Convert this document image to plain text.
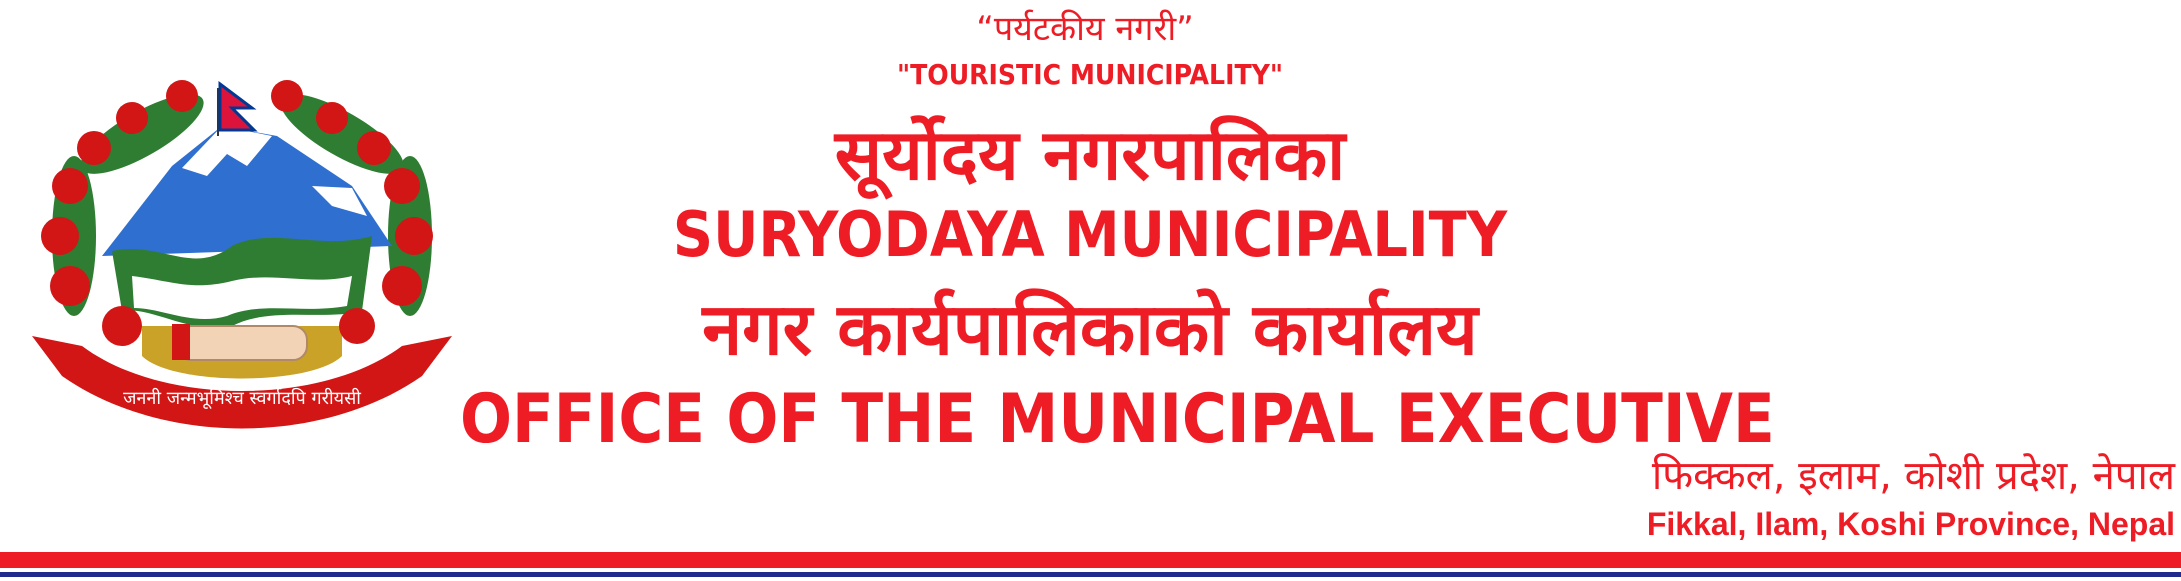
जननी जन्मभूमिश्च स्वर्गादपि गरीयसी
“पर्यटकीय नगरी”
"TOURISTIC MUNICIPALITY"
सूर्योदय नगरपालिका
SURYODAYA MUNICIPALITY
नगर कार्यपालिकाको कार्यालय
OFFICE OF THE MUNICIPAL EXECUTIVE
फिक्कल, इलाम, कोशी प्रदेश, नेपाल
Fikkal, Ilam, Koshi Province, Nepal
